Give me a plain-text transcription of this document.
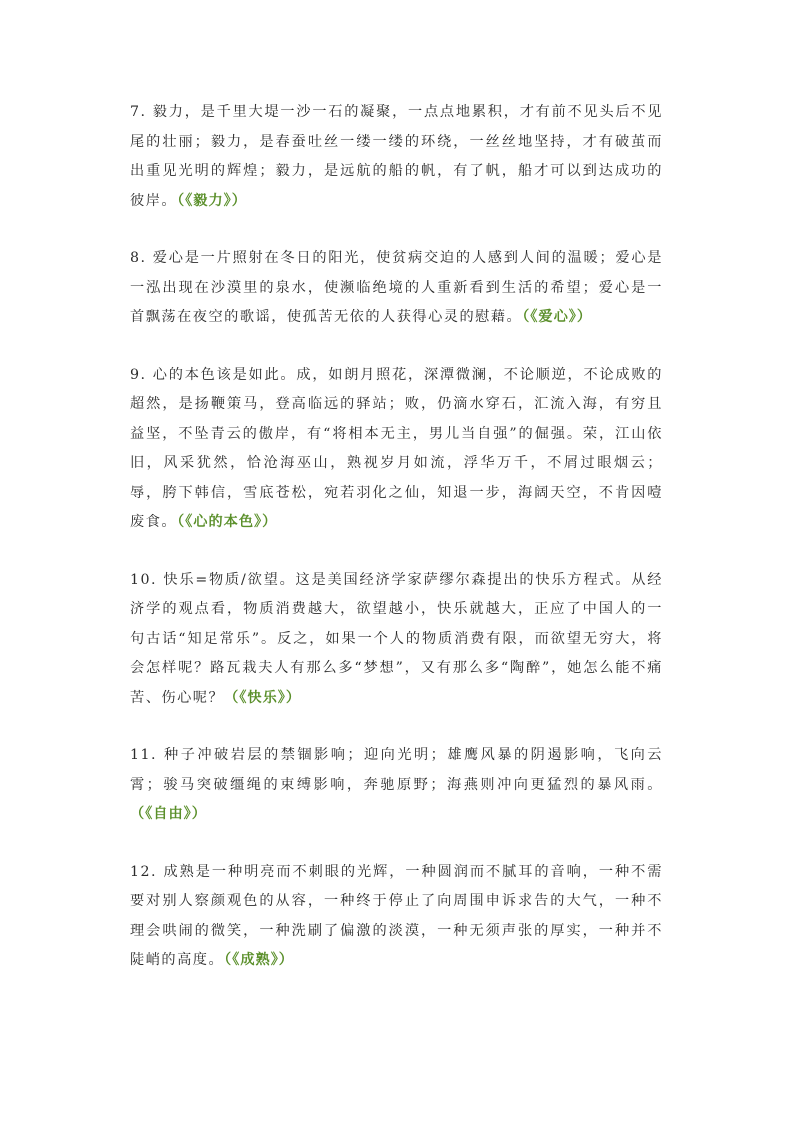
7. 毅力，是千里大堤一沙一石的凝聚，一点点地累积，才有前不见头后不见尾的壮丽；毅力，是春蚕吐丝一缕一缕的环绕，一丝丝地坚持，才有破茧而出重见光明的辉煌；毅力，是远航的船的帆，有了帆，船才可以到达成功的彼岸。（《毅力》）

8. 爱心是一片照射在冬日的阳光，使贫病交迫的人感到人间的温暖；爱心是一泓出现在沙漠里的泉水，使濒临绝境的人重新看到生活的希望；爱心是一首飘荡在夜空的歌谣，使孤苦无依的人获得心灵的慰藉。（《爱心》）

9. 心的本色该是如此。成，如朗月照花，深潭微澜，不论顺逆，不论成败的超然，是扬鞭策马，登高临远的驿站；败，仍滴水穿石，汇流入海，有穷且益坚，不坠青云的傲岸，有“将相本无主，男儿当自强”的倔强。荣，江山依旧，风采犹然，恰沧海巫山，熟视岁月如流，浮华万千，不屑过眼烟云；辱，胯下韩信，雪底苍松，宛若羽化之仙，知退一步，海阔天空，不肯因噎废食。（《心的本色》）

10. 快乐=物质/欲望。这是美国经济学家萨缪尔森提出的快乐方程式。从经济学的观点看，物质消费越大，欲望越小，快乐就越大，正应了中国人的一句古话“知足常乐”。反之，如果一个人的物质消费有限，而欲望无穷大，将会怎样呢？路瓦栽夫人有那么多“梦想”，又有那么多“陶醉”，她怎么能不痛苦、伤心呢？（《快乐》）

11. 种子冲破岩层的禁锢影响；迎向光明；雄鹰风暴的阴遏影响，飞向云霄；骏马突破缰绳的束缚影响，奔驰原野；海燕则冲向更猛烈的暴风雨。（《自由》）

12. 成熟是一种明亮而不刺眼的光辉，一种圆润而不腻耳的音响，一种不需要对别人察颜观色的从容，一种终于停止了向周围申诉求告的大气，一种不理会哄闹的微笑，一种洗刷了偏激的淡漠，一种无须声张的厚实，一种并不陡峭的高度。（《成熟》）
